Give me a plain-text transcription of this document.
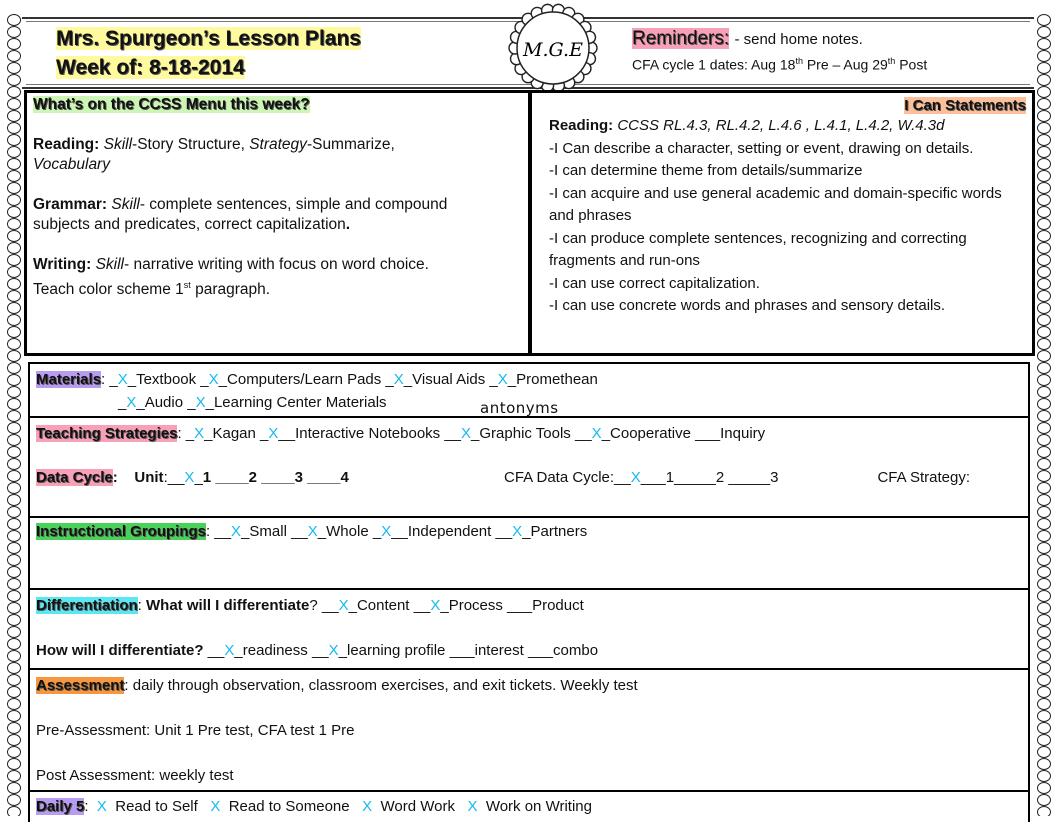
Mrs. Spurgeon’s Lesson Plans
Week of: 8-18-2014
M.G.E
Reminders: - send home notes.
CFA cycle 1 dates: Aug 18th Pre – Aug 29th Post

What’s on the CCSS Menu this week?

Reading: Skill-Story Structure, Strategy-Summarize,
Vocabulary

Grammar: Skill- complete sentences, simple and compound
subjects and predicates, correct capitalization.

Writing: Skill- narrative writing with focus on word choice.
Teach color scheme 1st paragraph.

I Can Statements

Reading: CCSS RL.4.3, RL.4.2, L.4.6 , L.4.1, L.4.2, W.4.3d

-I Can describe a character, setting or event, drawing on details.

-I can determine theme from details/summarize

-I can acquire and use general academic and domain-specific words and phrases

-I can produce complete sentences, recognizing and correcting fragments and run-ons

-I can use correct capitalization.

-I can use concrete words and phrases and sensory details.

Materials: _X_Textbook _X_Computers/Learn Pads _X_Visual Aids _X_Promethean
_X_Audio _X_Learning Center Materials	antonyms
Teaching Strategies: _X_Kagan _X__Interactive Notebooks __X_Graphic Tools __X_Cooperative ___Inquiry
Data Cycle: Unit:__X_1 ____2 ____3 ____4	CFA Data Cycle:__X___1_____2 _____3	CFA Strategy:
Instructional Groupings: __X_Small __X_Whole _X__Independent __X_Partners
Differentiation: What will I differentiate? __X_Content __X_Process ___Product
How will I differentiate? __X_readiness __X_learning profile ___interest ___combo
Assessment: daily through observation, classroom exercises, and exit tickets. Weekly test
Pre-Assessment: Unit 1 Pre test, CFA test 1 Pre
Post Assessment: weekly test
Daily 5:  X Read to Self X Read to Someone X Word Work X Work on Writing
